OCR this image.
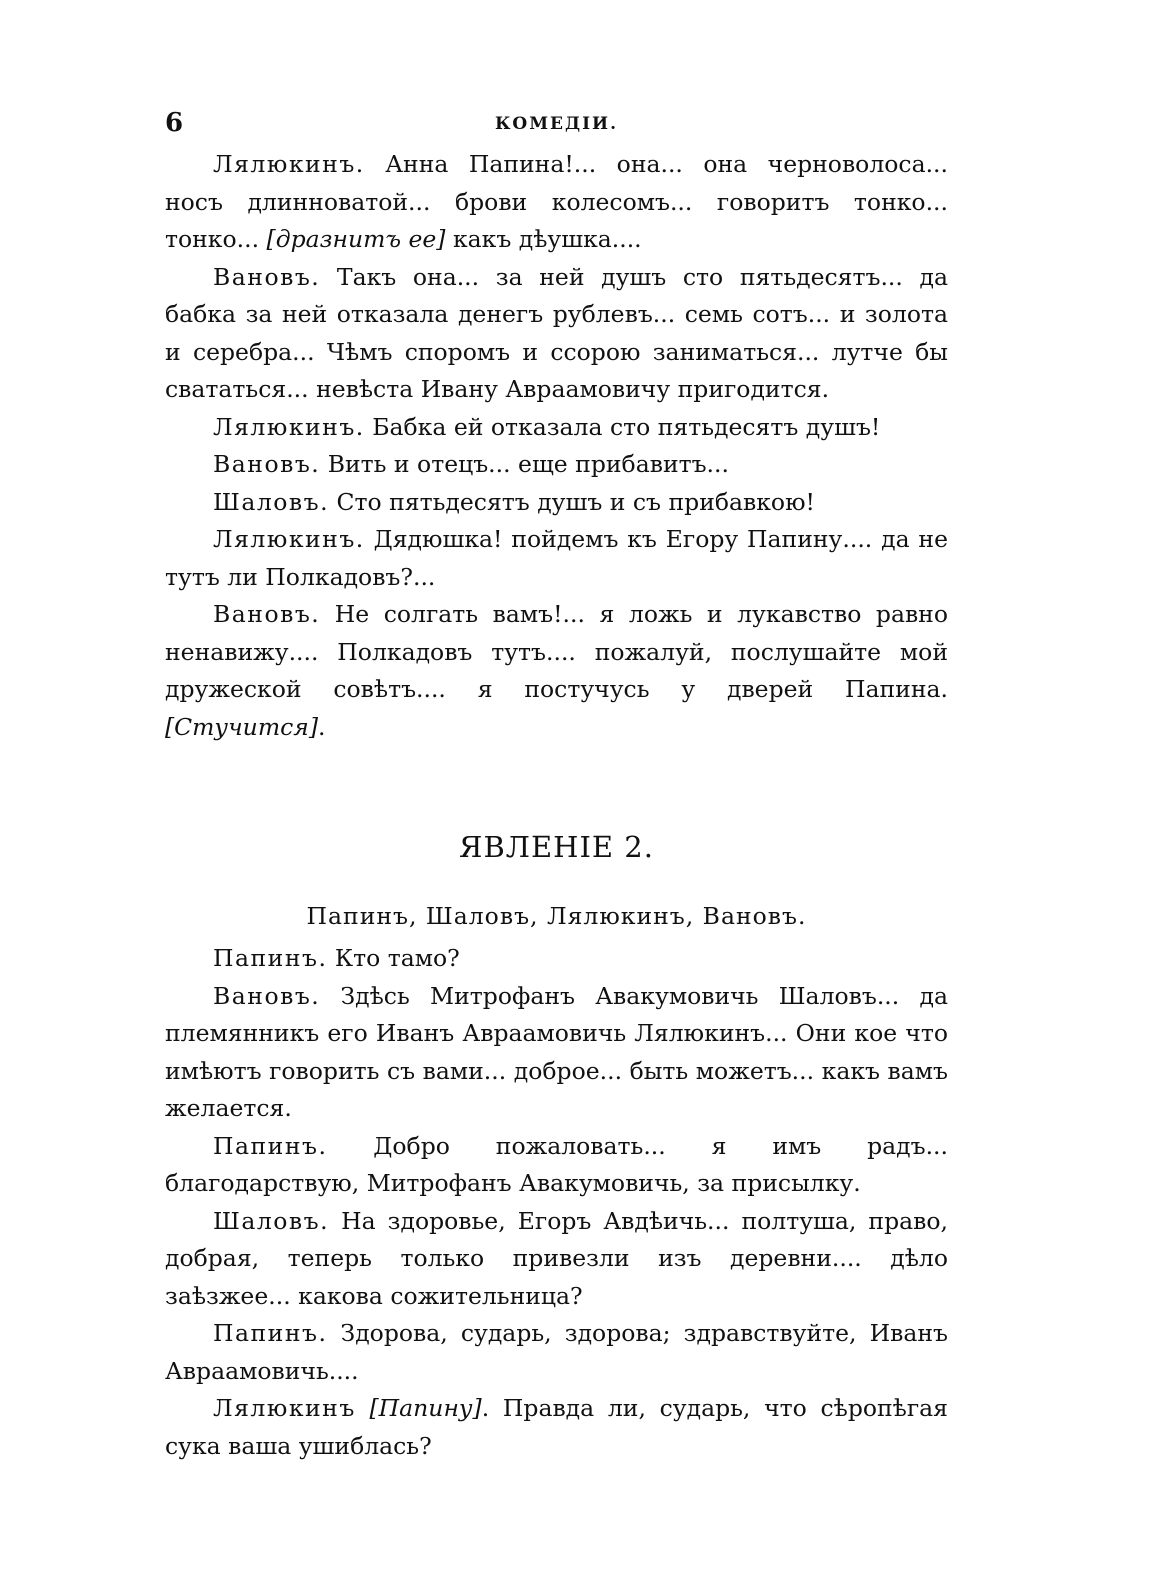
6	КОМЕДІИ.

Лялюкинъ. Анна Папина!... она... она черноволоса... носъ длинноватой... брови колесомъ... говоритъ тонко... тонко... [дразнитъ ее] какъ дѣушка....

Вановъ. Такъ она... за ней душъ сто пятьдесятъ... да бабка за ней отказала денегъ рублевъ... семь сотъ... и золота и серебра... Чѣмъ споромъ и ссорою заниматься... лутче бы свататься... невѣста Ивану Авраамовичу пригодится.

Лялюкинъ. Бабка ей отказала сто пятьдесятъ душъ!

Вановъ. Вить и отецъ... еще прибавитъ...

Шаловъ. Сто пятьдесятъ душъ и съ прибавкою!

Лялюкинъ. Дядюшка! пойдемъ къ Егору Папину.... да не тутъ ли Полкадовъ?...

Вановъ. Не солгать вамъ!... я ложь и лукавство равно ненавижу.... Полкадовъ тутъ.... пожалуй, послушайте мой дружеской совѣтъ.... я постучусь у дверей Папина. [Стучится].

ЯВЛЕНІЕ 2.
Папинъ, Шаловъ, Лялюкинъ, Вановъ.

Папинъ. Кто тамо?

Вановъ. Здѣсь Митрофанъ Авакумовичь Шаловъ... да племянникъ его Иванъ Авраамовичь Лялюкинъ... Они кое что имѣютъ говорить съ вами... доброе... быть можетъ... какъ вамъ желается.

Папинъ. Добро пожаловать... я имъ радъ... благодарствую, Митрофанъ Авакумовичь, за присылку.

Шаловъ. На здоровье, Егоръ Авдѣичь... полтуша, право, добрая, теперь только привезли изъ деревни.... дѣло заѣзжее... какова сожительница?

Папинъ. Здорова, сударь, здорова; здравствуйте, Иванъ Авраамовичь....

Лялюкинъ [Папину]. Правда ли, сударь, что сѣропѣгая сука ваша ушиблась?
